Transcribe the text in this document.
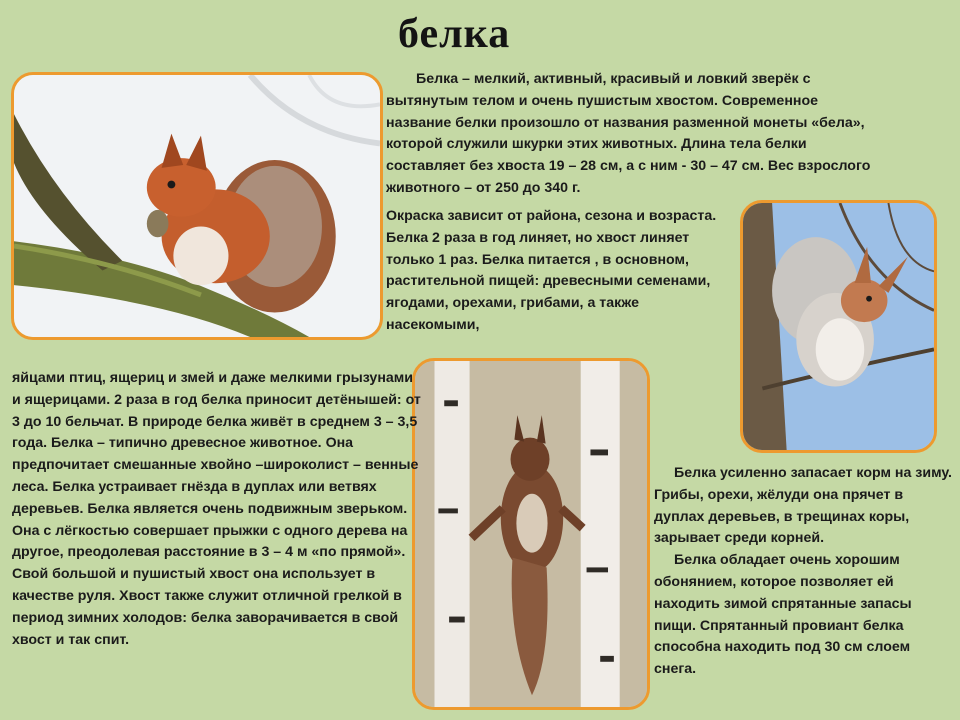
белка

Белка – мелкий, активный, красивый и ловкий зверёк с вытянутым телом и очень пушистым хвостом. Современное название белки произошло от названия разменной монеты «бела», которой служили шкурки этих животных. Длина тела белки составляет без хвоста 19 – 28 см, а с ним - 30 – 47 см. Вес взрослого животного – от 250 до 340 г.

Окраска зависит от района, сезона и возраста. Белка 2 раза в год линяет, но хвост линяет только 1 раз. Белка питается , в основном, растительной пищей: древесными семенами, ягодами, орехами, грибами, а также насекомыми,

яйцами птиц, ящериц и змей и даже мелкими грызунами и ящерицами. 2 раза в год белка приносит детёнышей: от 3 до 10 бельчат. В природе белка живёт в среднем 3 – 3,5 года. Белка – типично древесное животное. Она предпочитает смешанные хвойно –широколист – венные леса. Белка устраивает гнёзда в дуплах или ветвях деревьев. Белка является очень подвижным зверьком. Она с лёгкостью совершает прыжки с одного дерева на другое, преодолевая расстояние в 3 – 4 м «по прямой». Свой большой и пушистый хвост она использует в качестве руля. Хвост также служит отличной грелкой в период зимних холодов: белка заворачивается в свой хвост и так спит.

Белка усиленно запасает корм на зиму. Грибы, орехи, жёлуди она прячет в дуплах деревьев, в трещинах коры, зарывает среди корней.

Белка обладает очень хорошим обонянием, которое позволяет ей находить зимой спрятанные запасы пищи. Спрятанный провиант белка способна находить под 30 см слоем снега.
